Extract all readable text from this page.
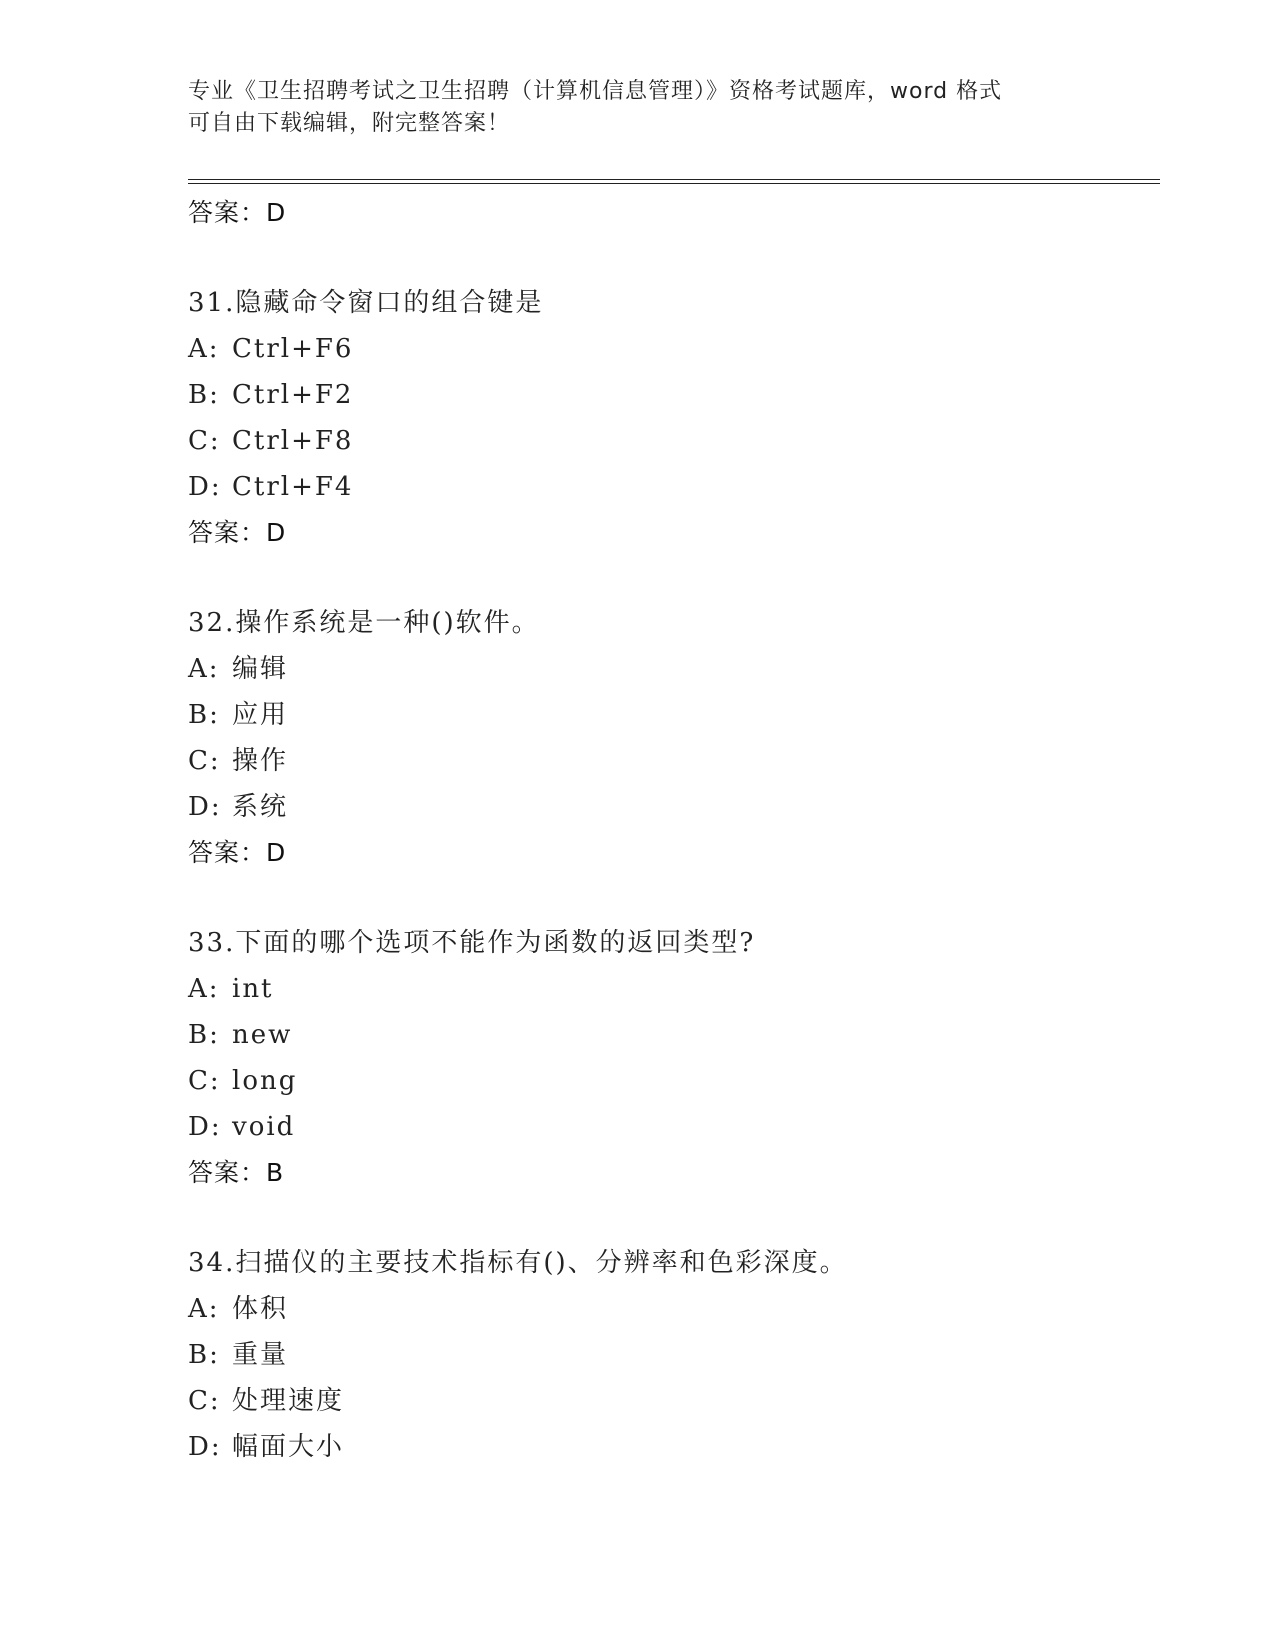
专业《卫生招聘考试之卫生招聘（计算机信息管理）》资格考试题库，word 格式
可自由下载编辑，附完整答案！
答案：D
31.隐藏命令窗口的组合键是
A: Ctrl+F6
B: Ctrl+F2
C: Ctrl+F8
D: Ctrl+F4
答案：D
32.操作系统是一种()软件。
A: 编辑
B: 应用
C: 操作
D: 系统
答案：D
33.下面的哪个选项不能作为函数的返回类型?
A: int
B: new
C: long
D: void
答案：B
34.扫描仪的主要技术指标有()、分辨率和色彩深度。
A: 体积
B: 重量
C: 处理速度
D: 幅面大小
